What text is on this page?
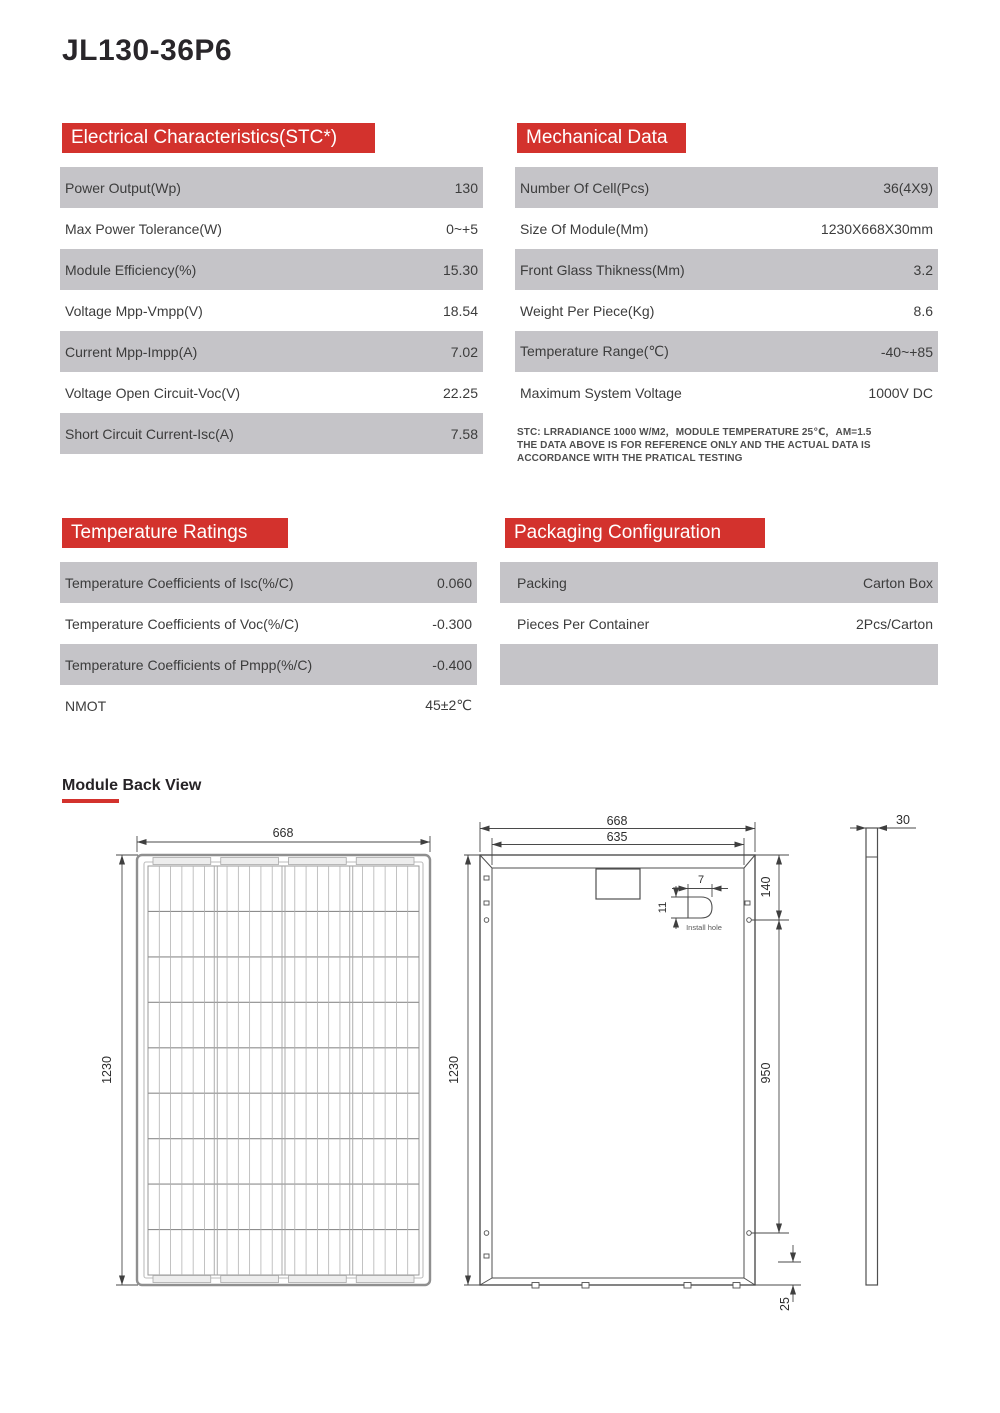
JL130-36P6
Electrical Characteristics(STC*)	Mechanical Data
Temperature Ratings	Packaging Configuration
Power Output(Wp)	130
Max Power Tolerance(W)	0~+5
Module Efficiency(%)	15.30
Voltage Mpp-Vmpp(V)	18.54
Current Mpp-Impp(A)	7.02
Voltage Open Circuit-Voc(V)	22.25
Short Circuit Current-Isc(A)	7.58
Number Of Cell(Pcs)	36(4X9)
Size Of Module(Mm)	1230X668X30mm
Front Glass Thikness(Mm)	3.2
Weight Per Piece(Kg)	8.6
Temperature Range(℃)	-40~+85
Maximum System Voltage	1000V DC
STC: LRRADIANCE 1000 W/M2，MODULE TEMPERATURE 25℃，AM=1.5
THE DATA ABOVE IS FOR REFERENCE ONLY AND THE ACTUAL DATA IS
ACCORDANCE WITH THE PRATICAL TESTING
Temperature Coefficients of Isc(%/C)	0.060
Temperature Coefficients of Voc(%/C)	-0.300
Temperature Coefficients of Pmpp(%/C)	-0.400
NMOT	45±2℃
Packing	Carton Box
Pieces Per Container	2Pcs/Carton
Module Back View
668
1230
7
11
Install hole
668
635
1230
140
950
25
30
